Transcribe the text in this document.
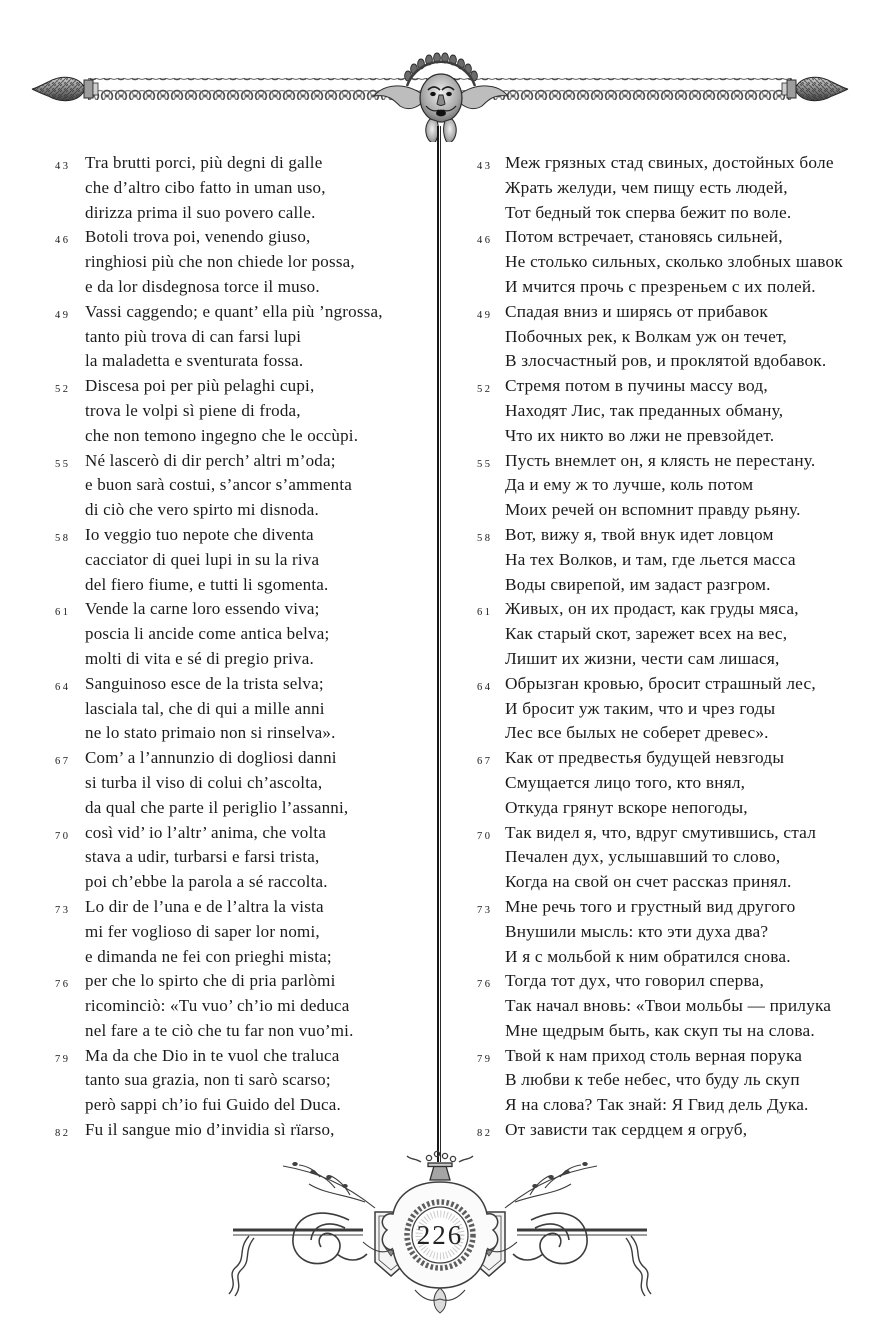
43 Tra brutti porci, più degni di galle
che d’altro cibo fatto in uman uso,
dirizza prima il suo povero calle.
46 Botoli trova poi, venendo giuso,
ringhiosi più che non chiede lor possa,
e da lor disdegnosa torce il muso.
49 Vassi caggendo; e quant’ ella più ’ngrossa,
tanto più trova di can farsi lupi
la maladetta e sventurata fossa.
52 Discesa poi per più pelaghi cupi,
trova le volpi sì piene di froda,
che non temono ingegno che le occùpi.
55 Né lascerò di dir perch’ altri m’oda;
e buon sarà costui, s’ancor s’ammenta
di ciò che vero spirto mi disnoda.
58 Io veggio tuo nepote che diventa
cacciator di quei lupi in su la riva
del fiero fiume, e tutti li sgomenta.
61 Vende la carne loro essendo viva;
poscia li ancide come antica belva;
molti di vita e sé di pregio priva.
64 Sanguinoso esce de la trista selva;
lasciala tal, che di qui a mille anni
ne lo stato primaio non si rinselva».
67 Com’ a l’annunzio di dogliosi danni
si turba il viso di colui ch’ascolta,
da qual che parte il periglio l’assanni,
70 così vid’ io l’altr’ anima, che volta
stava a udir, turbarsi e farsi trista,
poi ch’ebbe la parola a sé raccolta.
73 Lo dir de l’una e de l’altra la vista
mi fer voglioso di saper lor nomi,
e dimanda ne fei con prieghi mista;
76 per che lo spirto che di pria parlòmi
ricominciò: «Tu vuo’ ch’io mi deduca
nel fare a te ciò che tu far non vuo’mi.
79 Ma da che Dio in te vuol che traluca
tanto sua grazia, non ti sarò scarso;
però sappi ch’io fui Guido del Duca.
82 Fu il sangue mio d’invidia sì rïarso,
43 Меж грязных стад свиных, достойных боле
Жрать желуди, чем пищу есть людей,
Тот бедный ток сперва бежит по воле.
46 Потом встречает, становясь сильней,
Не столько сильных, сколько злобных шавок
И мчится прочь с презреньем с их полей.
49 Спадая вниз и ширясь от прибавок
Побочных рек, к Волкам уж он течет,
В злосчастный ров, и проклятой вдобавок.
52 Стремя потом в пучины массу вод,
Находят Лис, так преданных обману,
Что их никто во лжи не превзойдет.
55 Пусть внемлет он, я клясть не перестану.
Да и ему ж то лучше, коль потом
Моих речей он вспомнит правду рьяну.
58 Вот, вижу я, твой внук идет ловцом
На тех Волков, и там, где льется масса
Воды свирепой, им задаст разгром.
61 Живых, он их продаст, как груды мяса,
Как старый скот, зарежет всех на вес,
Лишит их жизни, чести сам лишася,
64 Обрызган кровью, бросит страшный лес,
И бросит уж таким, что и чрез годы
Лес все былых не соберет древес».
67 Как от предвестья будущей невзгоды
Смущается лицо того, кто внял,
Откуда грянут вскоре непогоды,
70 Так видел я, что, вдруг смутившись, стал
Печален дух, услышавший то слово,
Когда на свой он счет рассказ принял.
73 Мне речь того и грустный вид другого
Внушили мысль: кто эти духа два?
И я с мольбой к ним обратился снова.
76 Тогда тот дух, что говорил сперва,
Так начал вновь: «Твои мольбы — прилука
Мне щедрым быть, как скуп ты на слова.
79 Твой к нам приход столь верная порука
В любви к тебе небес, что буду ль скуп
Я на слова? Так знай: Я Гвид дель Дука.
82 От зависти так сердцем я огруб,
226
